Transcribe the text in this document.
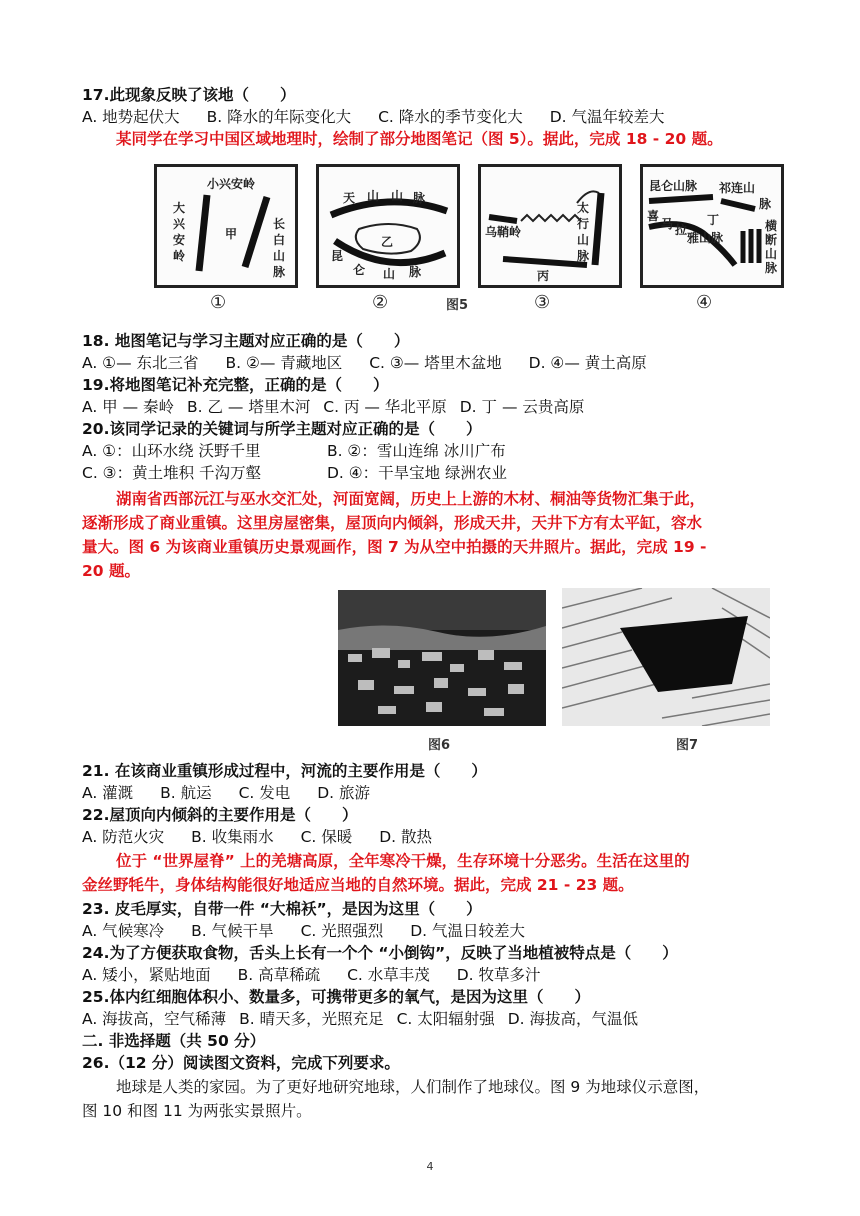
17.此现象反映了该地（　　）
A. 地势起伏大 B. 降水的年际变化大 C. 降水的季节变化大 D. 气温年较差大
某同学在学习中国区域地理时，绘制了部分地图笔记（图 5）。据此，完成 18 - 20 题。
小兴安岭
大
兴
安
岭
甲
长
白
山
脉
①
天 山 山 脉
乙
昆
仑 山 脉
②
乌鞘岭
太
行
山
脉
丙
③
昆仑山脉 祁连山
脉
喜
马 拉
雅山脉
丁	横
断
山
脉
④
图5
18. 地图笔记与学习主题对应正确的是（　　）
A. ①— 东北三省 B. ②— 青藏地区 C. ③— 塔里木盆地 D. ④— 黄土高原
19.将地图笔记补充完整，正确的是（　　）
A. 甲 — 秦岭 B. 乙 — 塔里木河 C. 丙 — 华北平原 D. 丁 — 云贵高原
20.该同学记录的关键词与所学主题对应正确的是（　　）
A. ①：山环水绕 沃野千里	B. ②：雪山连绵 冰川广布
C. ③：黄土堆积 千沟万壑	D. ④：干旱宝地 绿洲农业
湖南省西部沅江与巫水交汇处，河面宽阔，历史上上游的木材、桐油等货物汇集于此，
逐渐形成了商业重镇。这里房屋密集，屋顶向内倾斜，形成天井，天井下方有太平缸，容水
量大。图 6 为该商业重镇历史景观画作，图 7 为从空中拍摄的天井照片。据此，完成 19 -
20 题。
图6	图7
21. 在该商业重镇形成过程中，河流的主要作用是（　　）
A. 灌溉 B. 航运 C. 发电 D. 旅游
22.屋顶向内倾斜的主要作用是（　　）
A. 防范火灾 B. 收集雨水 C. 保暖 D. 散热
位于 “世界屋脊” 上的羌塘高原，全年寒冷干燥，生存环境十分恶劣。生活在这里的
金丝野牦牛，身体结构能很好地适应当地的自然环境。据此，完成 21 - 23 题。
23. 皮毛厚实，自带一件 “大棉袄”，是因为这里（　　）
A. 气候寒冷 B. 气候干旱 C. 光照强烈 D. 气温日较差大
24.为了方便获取食物，舌头上长有一个个 “小倒钩”，反映了当地植被特点是（　　）
A. 矮小，紧贴地面 B. 高草稀疏 C. 水草丰茂 D. 牧草多汁
25.体内红细胞体积小、数量多，可携带更多的氧气，是因为这里（　　）
A. 海拔高，空气稀薄 B. 晴天多，光照充足 C. 太阳辐射强 D. 海拔高，气温低
二. 非选择题（共 50 分）
26.（12 分）阅读图文资料，完成下列要求。
地球是人类的家园。为了更好地研究地球，人们制作了地球仪。图 9 为地球仪示意图，
图 10 和图 11 为两张实景照片。
4
